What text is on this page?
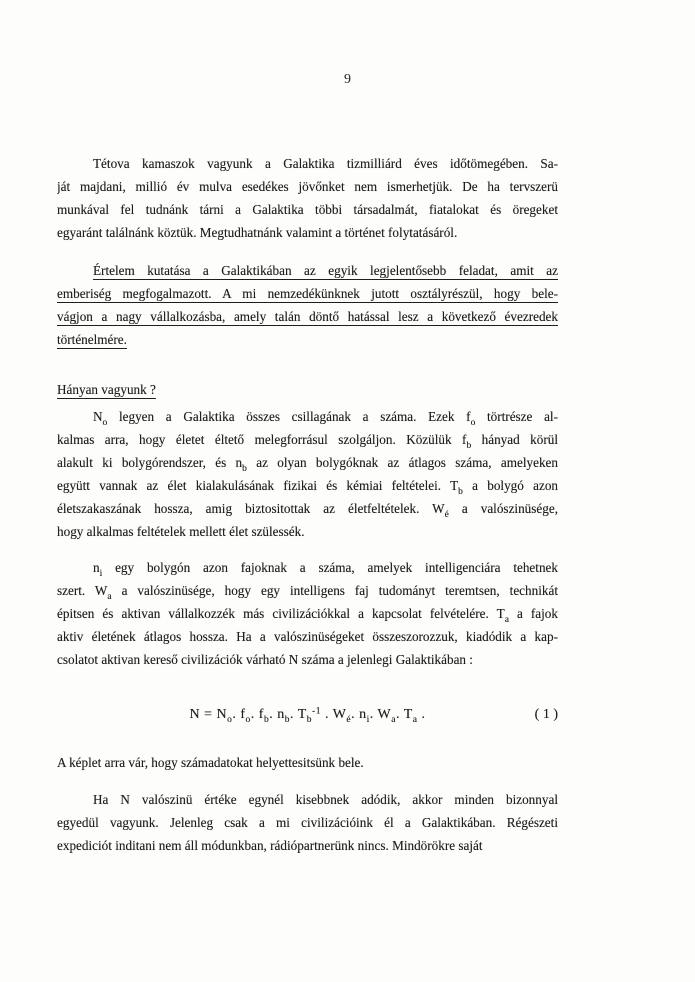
9
Tétova kamaszok vagyunk a Galaktika tizmilliárd éves időtömegében. Sa-
ját majdani, millió év mulva esedékes jövőnket nem ismerhetjük. De ha tervszerü
munkával fel tudnánk tárni a Galaktika többi társadalmát, fiatalokat és öregeket
egyaránt találnánk köztük. Megtudhatnánk valamint a történet folytatásáról.
Értelem kutatása a Galaktikában az egyik legjelentősebb feladat, amit az
emberiség megfogalmazott. A mi nemzedékünknek jutott osztályrészül, hogy bele-
vágjon a nagy vállalkozásba, amely talán döntő hatással lesz a következő évezredek
történelmére.
Hányan vagyunk ?
$N_o$ legyen a Galaktika összes csillagának a száma. Ezek $f_o$ törtrésze al-
kalmas arra, hogy életet éltető melegforrásul szolgáljon. Közülük $f_b$ hányad körül
alakult ki bolygórendszer, és $n_b$ az olyan bolygóknak az átlagos száma, amelyeken
együtt vannak az élet kialakulásának fizikai és kémiai feltételei. $T_b$ a bolygó azon
életszakaszának hossza, amig biztositottak az életfeltételek. $W_é$ a valószinüsége,
hogy alkalmas feltételek mellett élet szülessék.
$n_i$ egy bolygón azon fajoknak a száma, amelyek intelligenciára tehetnek
szert. $W_a$ a valószinüsége, hogy egy intelligens faj tudományt teremtsen, technikát
épitsen és aktivan vállalkozzék más civilizációkkal a kapcsolat felvételére. $T_a$ a fajok
aktiv életének átlagos hossza. Ha a valószinüségeket összeszorozzuk, kiadódik a kap-
csolatot aktivan kereső civilizációk várható N száma a jelenlegi Galaktikában :
$N = N_o$. $f_o$. $f_b$. $n_b$. $T_b^{-1}$ . $W_é$. $n_i$. $W_a$. $T_a$ .	( 1 )
A képlet arra vár, hogy számadatokat helyettesitsünk bele.
Ha N valószinü értéke egynél kisebbnek adódik, akkor minden bizonnyal
egyedül vagyunk. Jelenleg csak a mi civilizációink él a Galaktikában. Régészeti
expediciót inditani nem áll módunkban, rádiópartnerünk nincs. Mindörökre saját
